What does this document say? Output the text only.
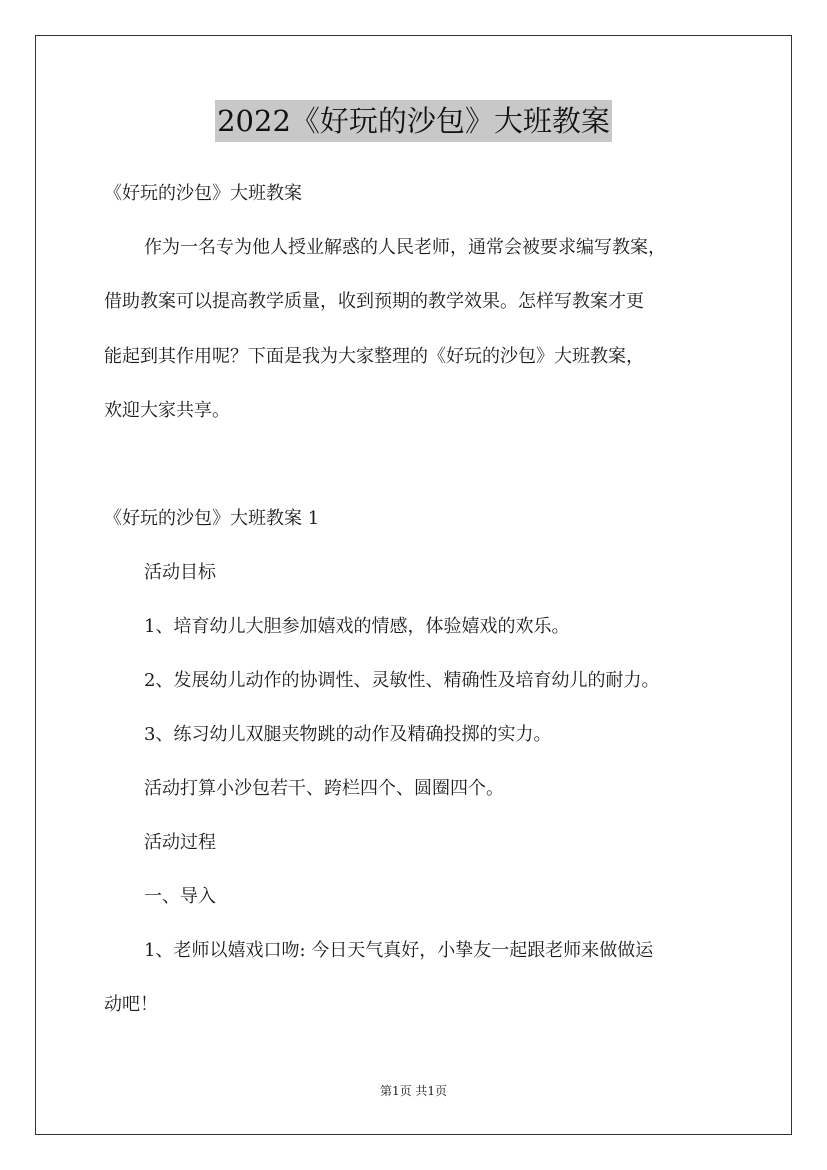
2022《好玩的沙包》大班教案
《好玩的沙包》大班教案
作为一名专为他人授业解惑的人民老师，通常会被要求编写教案，
借助教案可以提高教学质量，收到预期的教学效果。怎样写教案才更
能起到其作用呢？下面是我为大家整理的《好玩的沙包》大班教案，
欢迎大家共享。
《好玩的沙包》大班教案 1
活动目标
1、培育幼儿大胆参加嬉戏的情感，体验嬉戏的欢乐。
2、发展幼儿动作的协调性、灵敏性、精确性及培育幼儿的耐力。
3、练习幼儿双腿夹物跳的动作及精确投掷的实力。
活动打算小沙包若干、跨栏四个、圆圈四个。
活动过程
一、导入
1、老师以嬉戏口吻: 今日天气真好，小挚友一起跟老师来做做运
动吧！
第1页 共1页
